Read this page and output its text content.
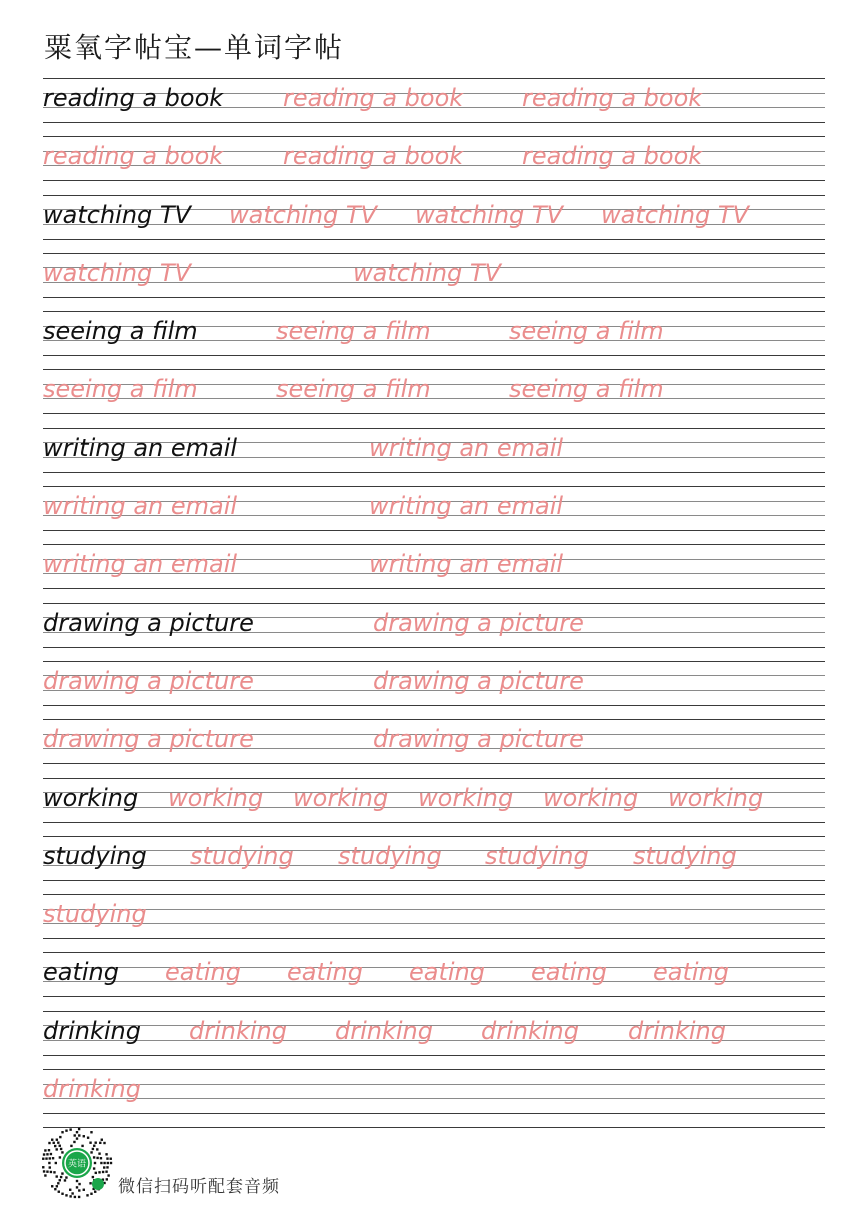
粟氧字帖宝—单词字帖
reading a book reading a book reading a book
reading a book reading a book reading a book
watching TV watching TV watching TV watching TV
watching TV	watching TV
seeing a film	seeing a film	seeing a film
seeing a film	seeing a film	seeing a film
writing an email	writing an email
writing an email	writing an email
writing an email	writing an email
drawing a picture	drawing a picture
drawing a picture	drawing a picture
drawing a picture	drawing a picture
working working working working working working
studying studying studying studying studying
studying
eating eating eating eating eating eating
drinking drinking drinking drinking drinking
drinking
英语
微信扫码听配套音频
